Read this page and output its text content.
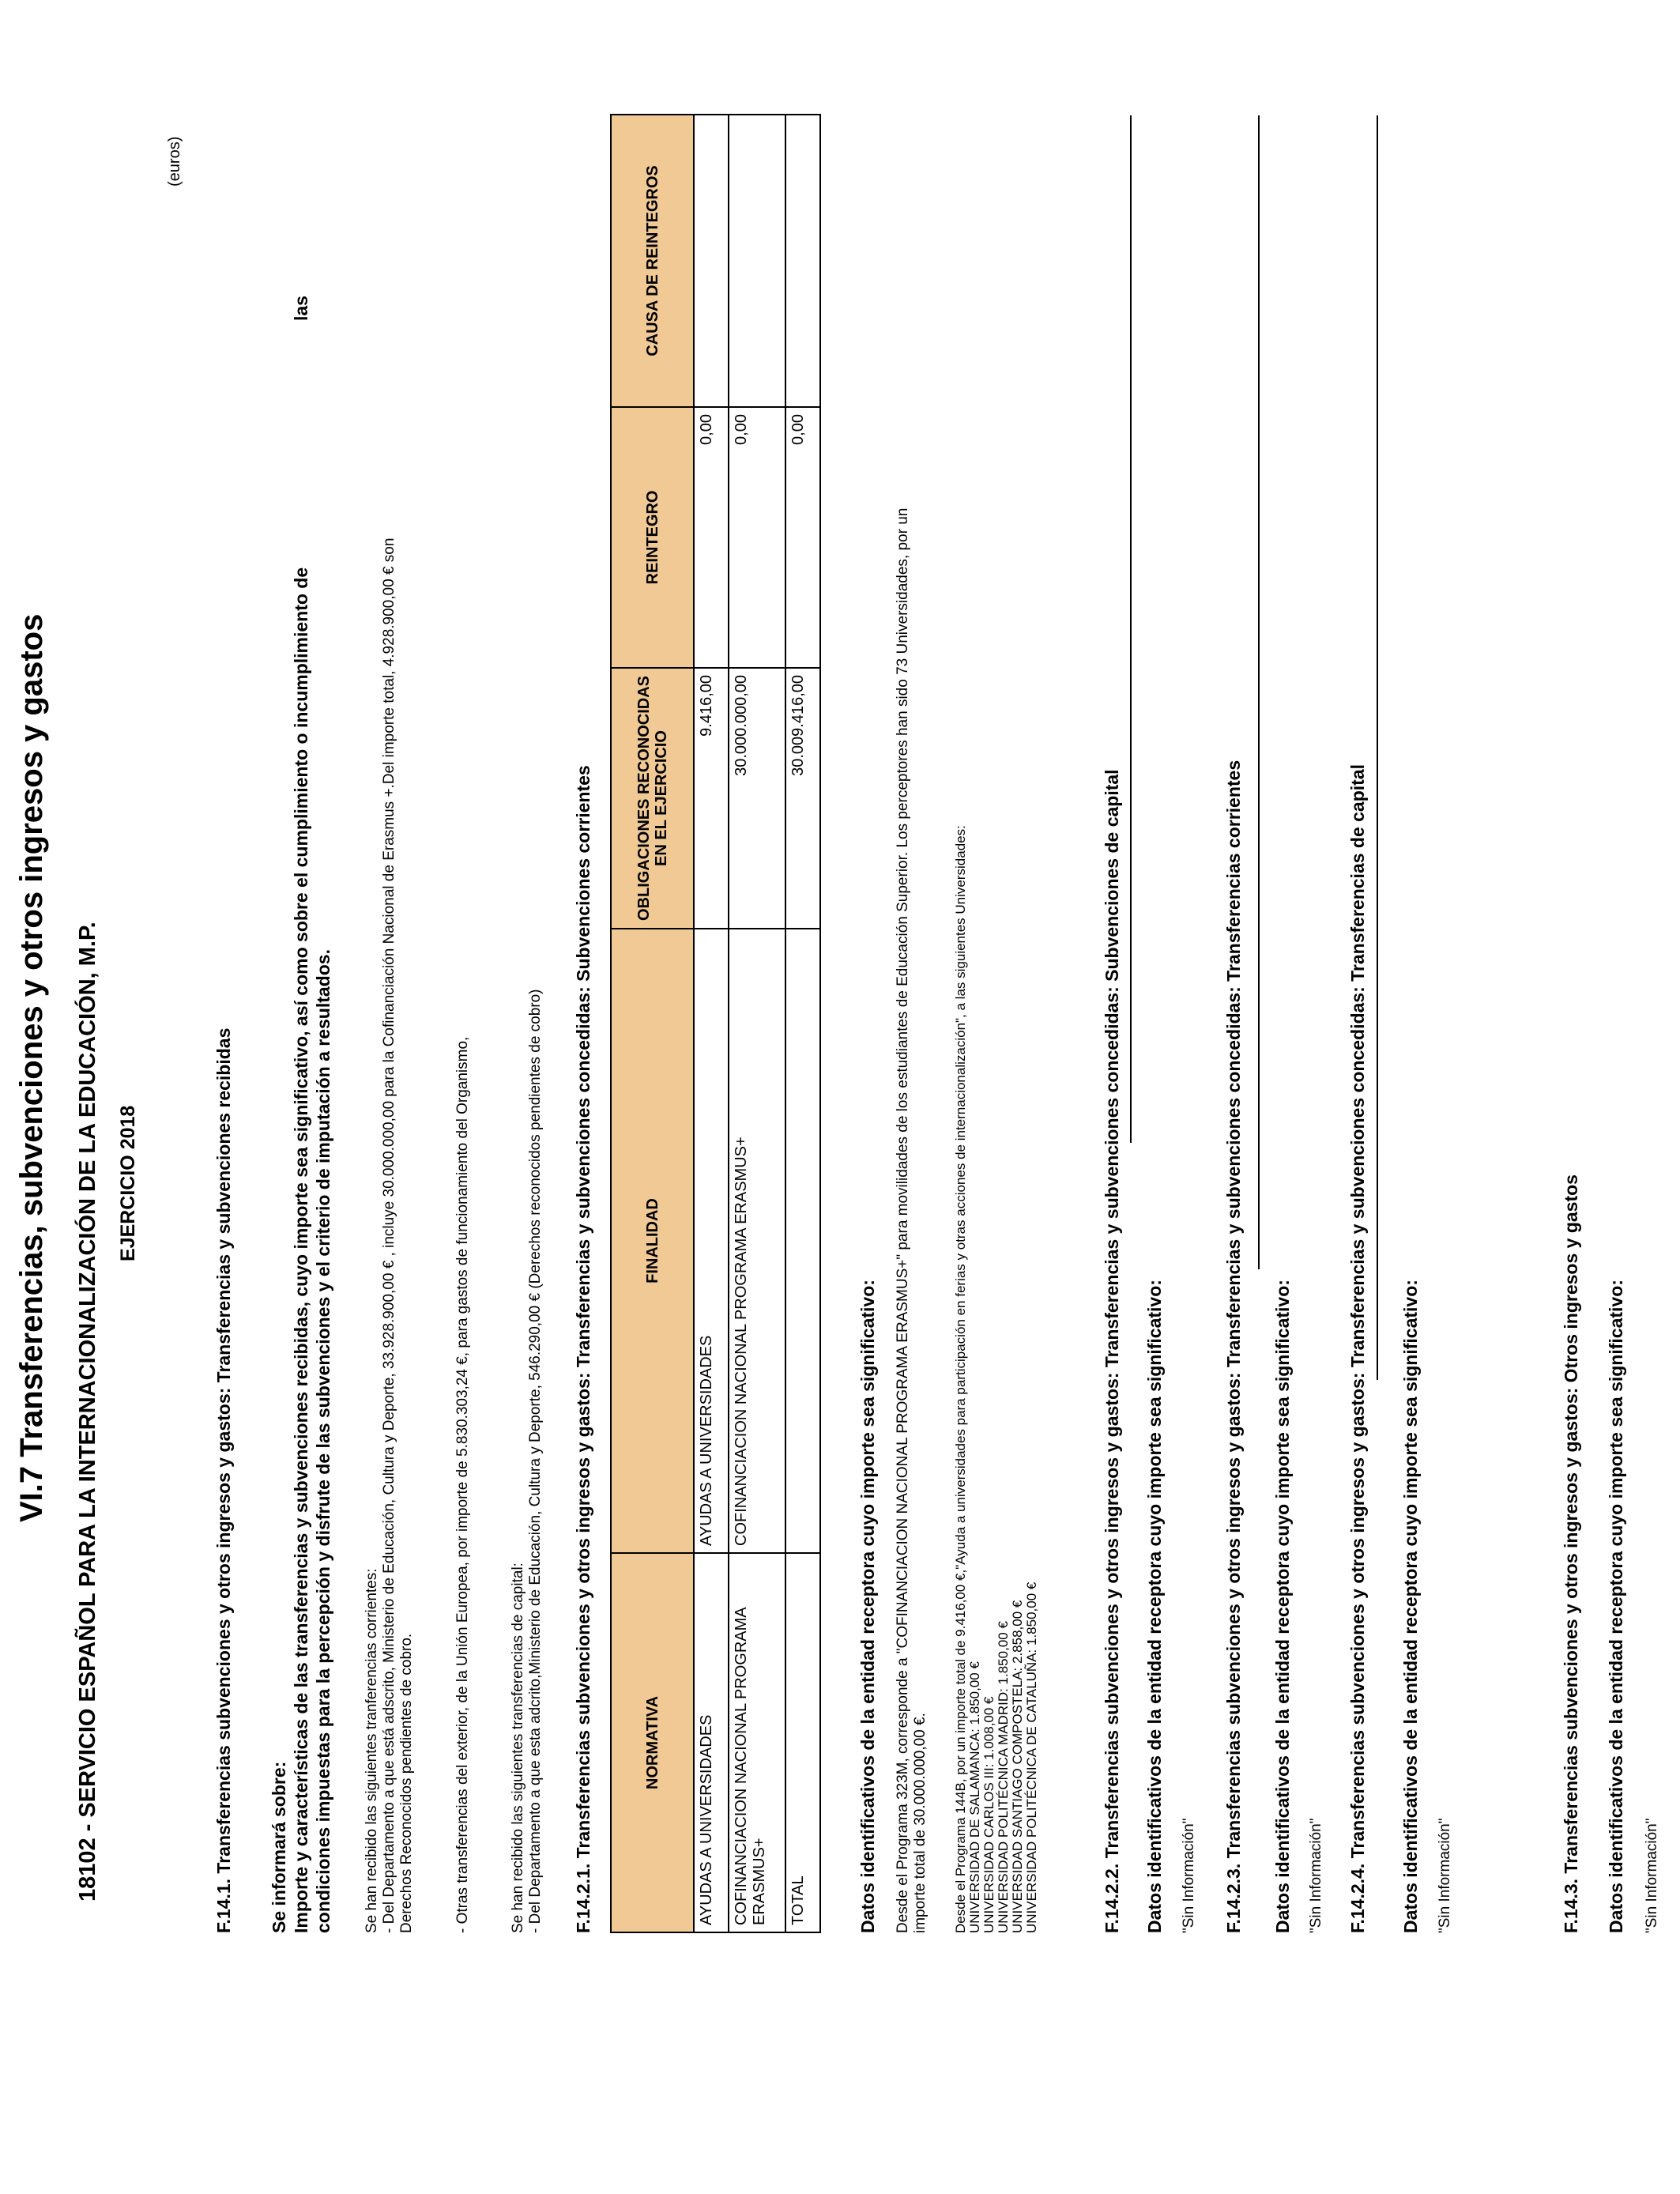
VI.7 Transferencias, subvenciones y otros ingresos y gastos 18102 - SERVICIO ESPAÑOL PARA LA INTERNACIONALIZACIÓN DE LA EDUCACIÓN, M.P. EJERCICIO 2018
(euros)
F.14.1. Transferencias subvenciones y otros ingresos y gastos: Transferencias y subvenciones recibidas Se informará sobre: Importe y características de las transferencias y subvenciones recibidas, cuyo importe sea significativo, así como sobre el cumplimiento o incumplimiento de
las
condiciones impuestas para la percepción y disfrute de las subvenciones y el criterio de imputación a resultados. Se han recibido las siguientes tranferencias corrientes: - Del Departamento a que está adscrito, Ministerio de Educación, Cultura y Deporte, 33.928.900,00 € , incluye 30.000.000,00 para la Cofinanciación Nacional de Erasmus +.Del importe total, 4.928.900,00 € son Derechos Reconocidos pendientes de cobro.	- Otras transferencias del exterior, de la Unión Europea, por importe de 5.830.303,24 €, para gastos de funcionamiento del Organismo,	Se han recibido las siguientes transferencias de capital: - Del Departamento a que esta adcrito,Ministerio de Educación, Cultura y Deporte, 546.290,00 € (Derechos reconocidos pendientes de cobro) F.14.2.1. Transferencias subvenciones y otros ingresos y gastos: Transferencias y subvenciones concedidas: Subvenciones corrientes	NORMATIVA	FINALIDAD	OBLIGACIONES RECONOCIDAS EN EL EJERCICIO	REINTEGRO	CAUSA DE REINTEGROS
AYUDAS A UNIVERSIDADES	AYUDAS A UNIVERSIDADES	9.416,00	0,00	
COFINANCIACION NACIONAL PROGRAMA ERASMUS+	COFINANCIACION NACIONAL PROGRAMA ERASMUS+	30.000.000,00	0,00	
TOTAL		30.009.416,00	0,00	
Datos identificativos de la entidad receptora cuyo importe sea significativo: Desde el Programa 323M, corresponde a "COFINANCIACION NACIONAL PROGRAMA ERASMUS+" para movilidades de los estudiantes de Educación Superior. Los perceptores han sido 73 Universidades, por un importe total de 30.000.000,00 €. Desde el Programa 144B, por un importe total de 9.416,00 €,"Ayuda a universidades para participación en ferias y otras acciones de internacionalización", a las siguientes Universidades: UNIVERSIDAD DE SALAMANCA: 1.850,00 € UNIVERSIDAD CARLOS III: 1.008,00 € UNIVERSIDAD POLITÉCNICA MADRID: 1.850,00 € UNIVERSIDAD SANTIAGO COMPOSTELA: 2.858,00 € UNIVERSIDAD POLITÉCNICA DE CATALUÑA: 1.850,00 €	F.14.2.2. Transferencias subvenciones y otros ingresos y gastos: Transferencias y subvenciones concedidas: Subvenciones de capital Datos identificativos de la entidad receptora cuyo importe sea significativo: "Sin Información" F.14.2.3. Transferencias subvenciones y otros ingresos y gastos: Transferencias y subvenciones concedidas: Transferencias corrientes Datos identificativos de la entidad receptora cuyo importe sea significativo: "Sin Información" F.14.2.4. Transferencias subvenciones y otros ingresos y gastos: Transferencias y subvenciones concedidas: Transferencias de capital Datos identificativos de la entidad receptora cuyo importe sea significativo: "Sin Información"	F.14.3. Transferencias subvenciones y otros ingresos y gastos: Otros ingresos y gastos Datos identificativos de la entidad receptora cuyo importe sea significativo: "Sin Información"
